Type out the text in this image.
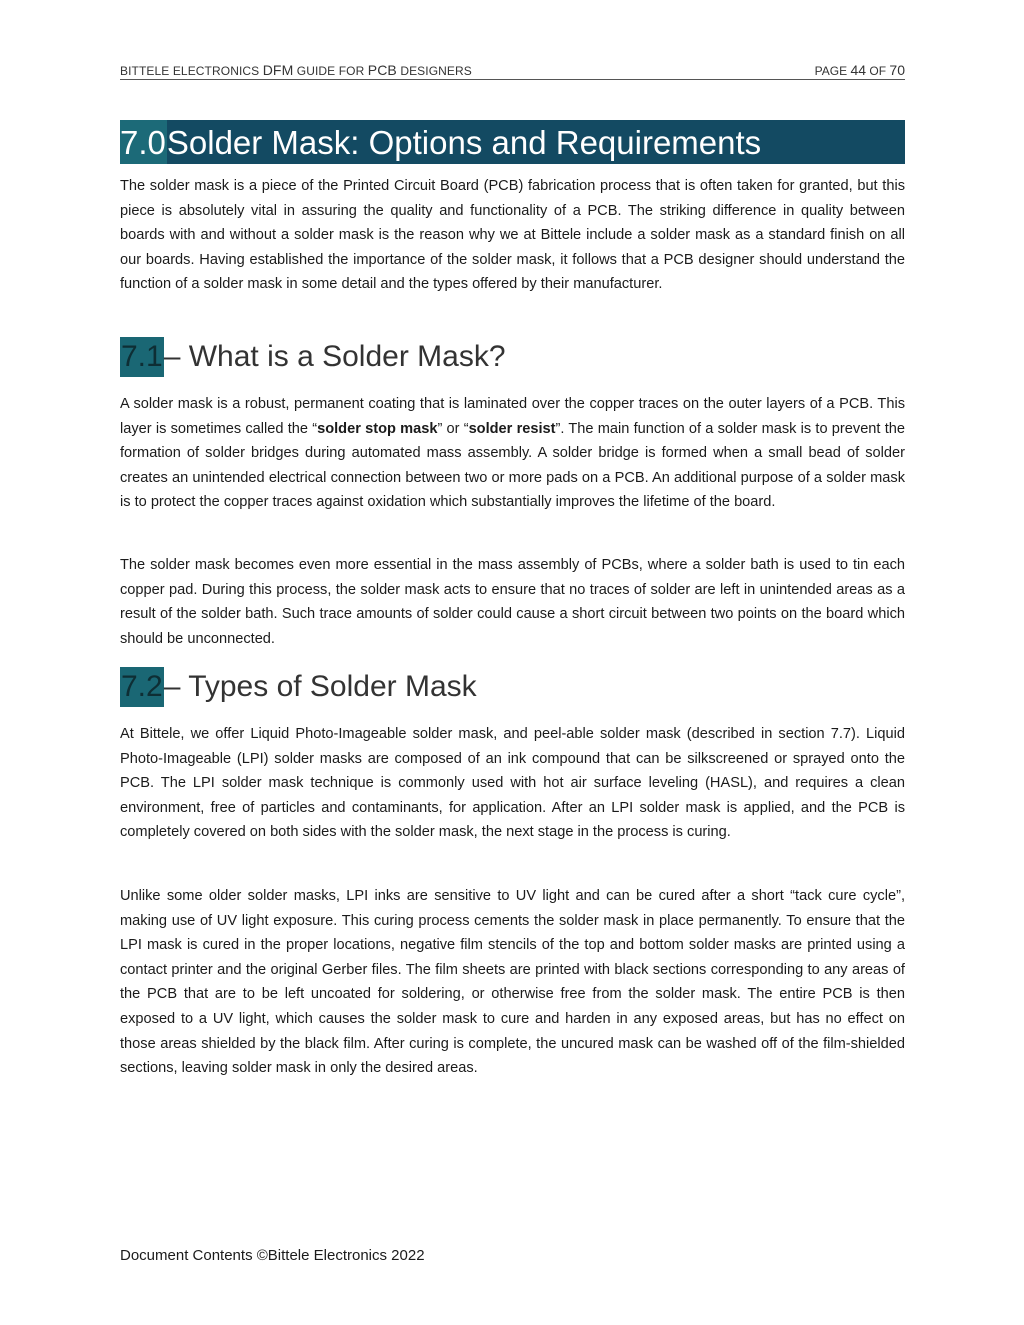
BITTELE ELECTRONICS DFM GUIDE FOR PCB DESIGNERS	PAGE 44 OF 70
7.0Solder Mask: Options and Requirements

The solder mask is a piece of the Printed Circuit Board (PCB) fabrication process that is often taken for granted, but this piece is absolutely vital in assuring the quality and functionality of a PCB. The striking difference in quality between boards with and without a solder mask is the reason why we at Bittele include a solder mask as a standard finish on all our boards. Having established the importance of the solder mask, it follows that a PCB designer should understand the function of a solder mask in some detail and the types offered by their manufacturer.

7.1– What is a Solder Mask?

A solder mask is a robust, permanent coating that is laminated over the copper traces on the outer layers of a PCB. This layer is sometimes called the “solder stop mask” or “solder resist”. The main function of a solder mask is to prevent the formation of solder bridges during automated mass assembly. A solder bridge is formed when a small bead of solder creates an unintended electrical connection between two or more pads on a PCB. An additional purpose of a solder mask is to protect the copper traces against oxidation which substantially improves the lifetime of the board.

The solder mask becomes even more essential in the mass assembly of PCBs, where a solder bath is used to tin each copper pad. During this process, the solder mask acts to ensure that no traces of solder are left in unintended areas as a result of the solder bath. Such trace amounts of solder could cause a short circuit between two points on the board which should be unconnected.

7.2– Types of Solder Mask

At Bittele, we offer Liquid Photo-Imageable solder mask, and peel-able solder mask (described in section 7.7). Liquid Photo-Imageable (LPI) solder masks are composed of an ink compound that can be silkscreened or sprayed onto the PCB. The LPI solder mask technique is commonly used with hot air surface leveling (HASL), and requires a clean environment, free of particles and contaminants, for application. After an LPI solder mask is applied, and the PCB is completely covered on both sides with the solder mask, the next stage in the process is curing.

Unlike some older solder masks, LPI inks are sensitive to UV light and can be cured after a short “tack cure cycle”, making use of UV light exposure. This curing process cements the solder mask in place permanently. To ensure that the LPI mask is cured in the proper locations, negative film stencils of the top and bottom solder masks are printed using a contact printer and the original Gerber files. The film sheets are printed with black sections corresponding to any areas of the PCB that are to be left uncoated for soldering, or otherwise free from the solder mask. The entire PCB is then exposed to a UV light, which causes the solder mask to cure and harden in any exposed areas, but has no effect on those areas shielded by the black film. After curing is complete, the uncured mask can be washed off of the film-shielded sections, leaving solder mask in only the desired areas.

Document Contents ©Bittele Electronics 2022
